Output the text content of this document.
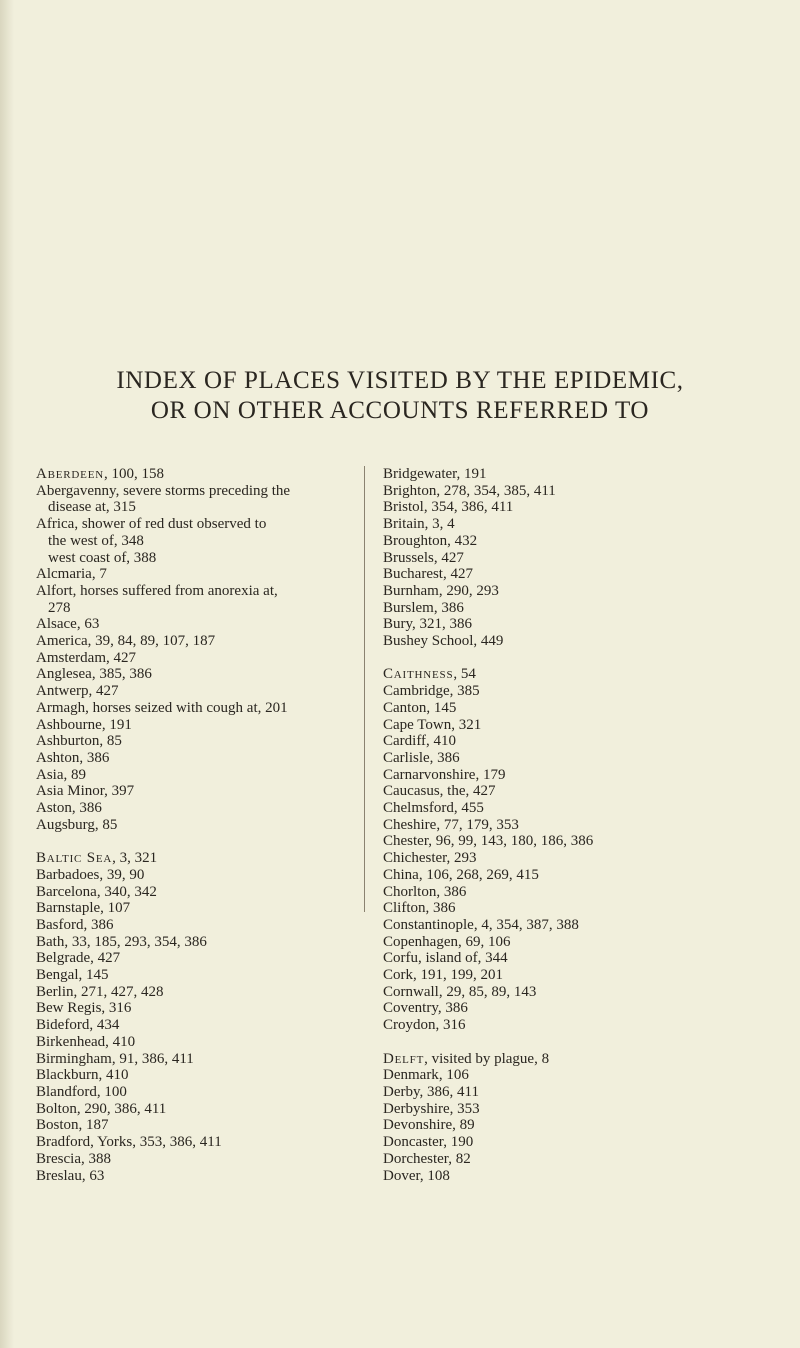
INDEX OF PLACES VISITED BY THE EPIDEMIC,
OR ON OTHER ACCOUNTS REFERRED TO
Aberdeen, 100, 158
Abergavenny, severe storms preceding the
disease at, 315
Africa, shower of red dust observed to
the west of, 348
west coast of, 388
Alcmaria, 7
Alfort, horses suffered from anorexia at,
278
Alsace, 63
America, 39, 84, 89, 107, 187
Amsterdam, 427
Anglesea, 385, 386
Antwerp, 427
Armagh, horses seized with cough at, 201
Ashbourne, 191
Ashburton, 85
Ashton, 386
Asia, 89
Asia Minor, 397
Aston, 386
Augsburg, 85
Baltic Sea, 3, 321
Barbadoes, 39, 90
Barcelona, 340, 342
Barnstaple, 107
Basford, 386
Bath, 33, 185, 293, 354, 386
Belgrade, 427
Bengal, 145
Berlin, 271, 427, 428
Bew Regis, 316
Bideford, 434
Birkenhead, 410
Birmingham, 91, 386, 411
Blackburn, 410
Blandford, 100
Bolton, 290, 386, 411
Boston, 187
Bradford, Yorks, 353, 386, 411
Brescia, 388
Breslau, 63
Bridgewater, 191
Brighton, 278, 354, 385, 411
Bristol, 354, 386, 411
Britain, 3, 4
Broughton, 432
Brussels, 427
Bucharest, 427
Burnham, 290, 293
Burslem, 386
Bury, 321, 386
Bushey School, 449
Caithness, 54
Cambridge, 385
Canton, 145
Cape Town, 321
Cardiff, 410
Carlisle, 386
Carnarvonshire, 179
Caucasus, the, 427
Chelmsford, 455
Cheshire, 77, 179, 353
Chester, 96, 99, 143, 180, 186, 386
Chichester, 293
China, 106, 268, 269, 415
Chorlton, 386
Clifton, 386
Constantinople, 4, 354, 387, 388
Copenhagen, 69, 106
Corfu, island of, 344
Cork, 191, 199, 201
Cornwall, 29, 85, 89, 143
Coventry, 386
Croydon, 316
Delft, visited by plague, 8
Denmark, 106
Derby, 386, 411
Derbyshire, 353
Devonshire, 89
Doncaster, 190
Dorchester, 82
Dover, 108
